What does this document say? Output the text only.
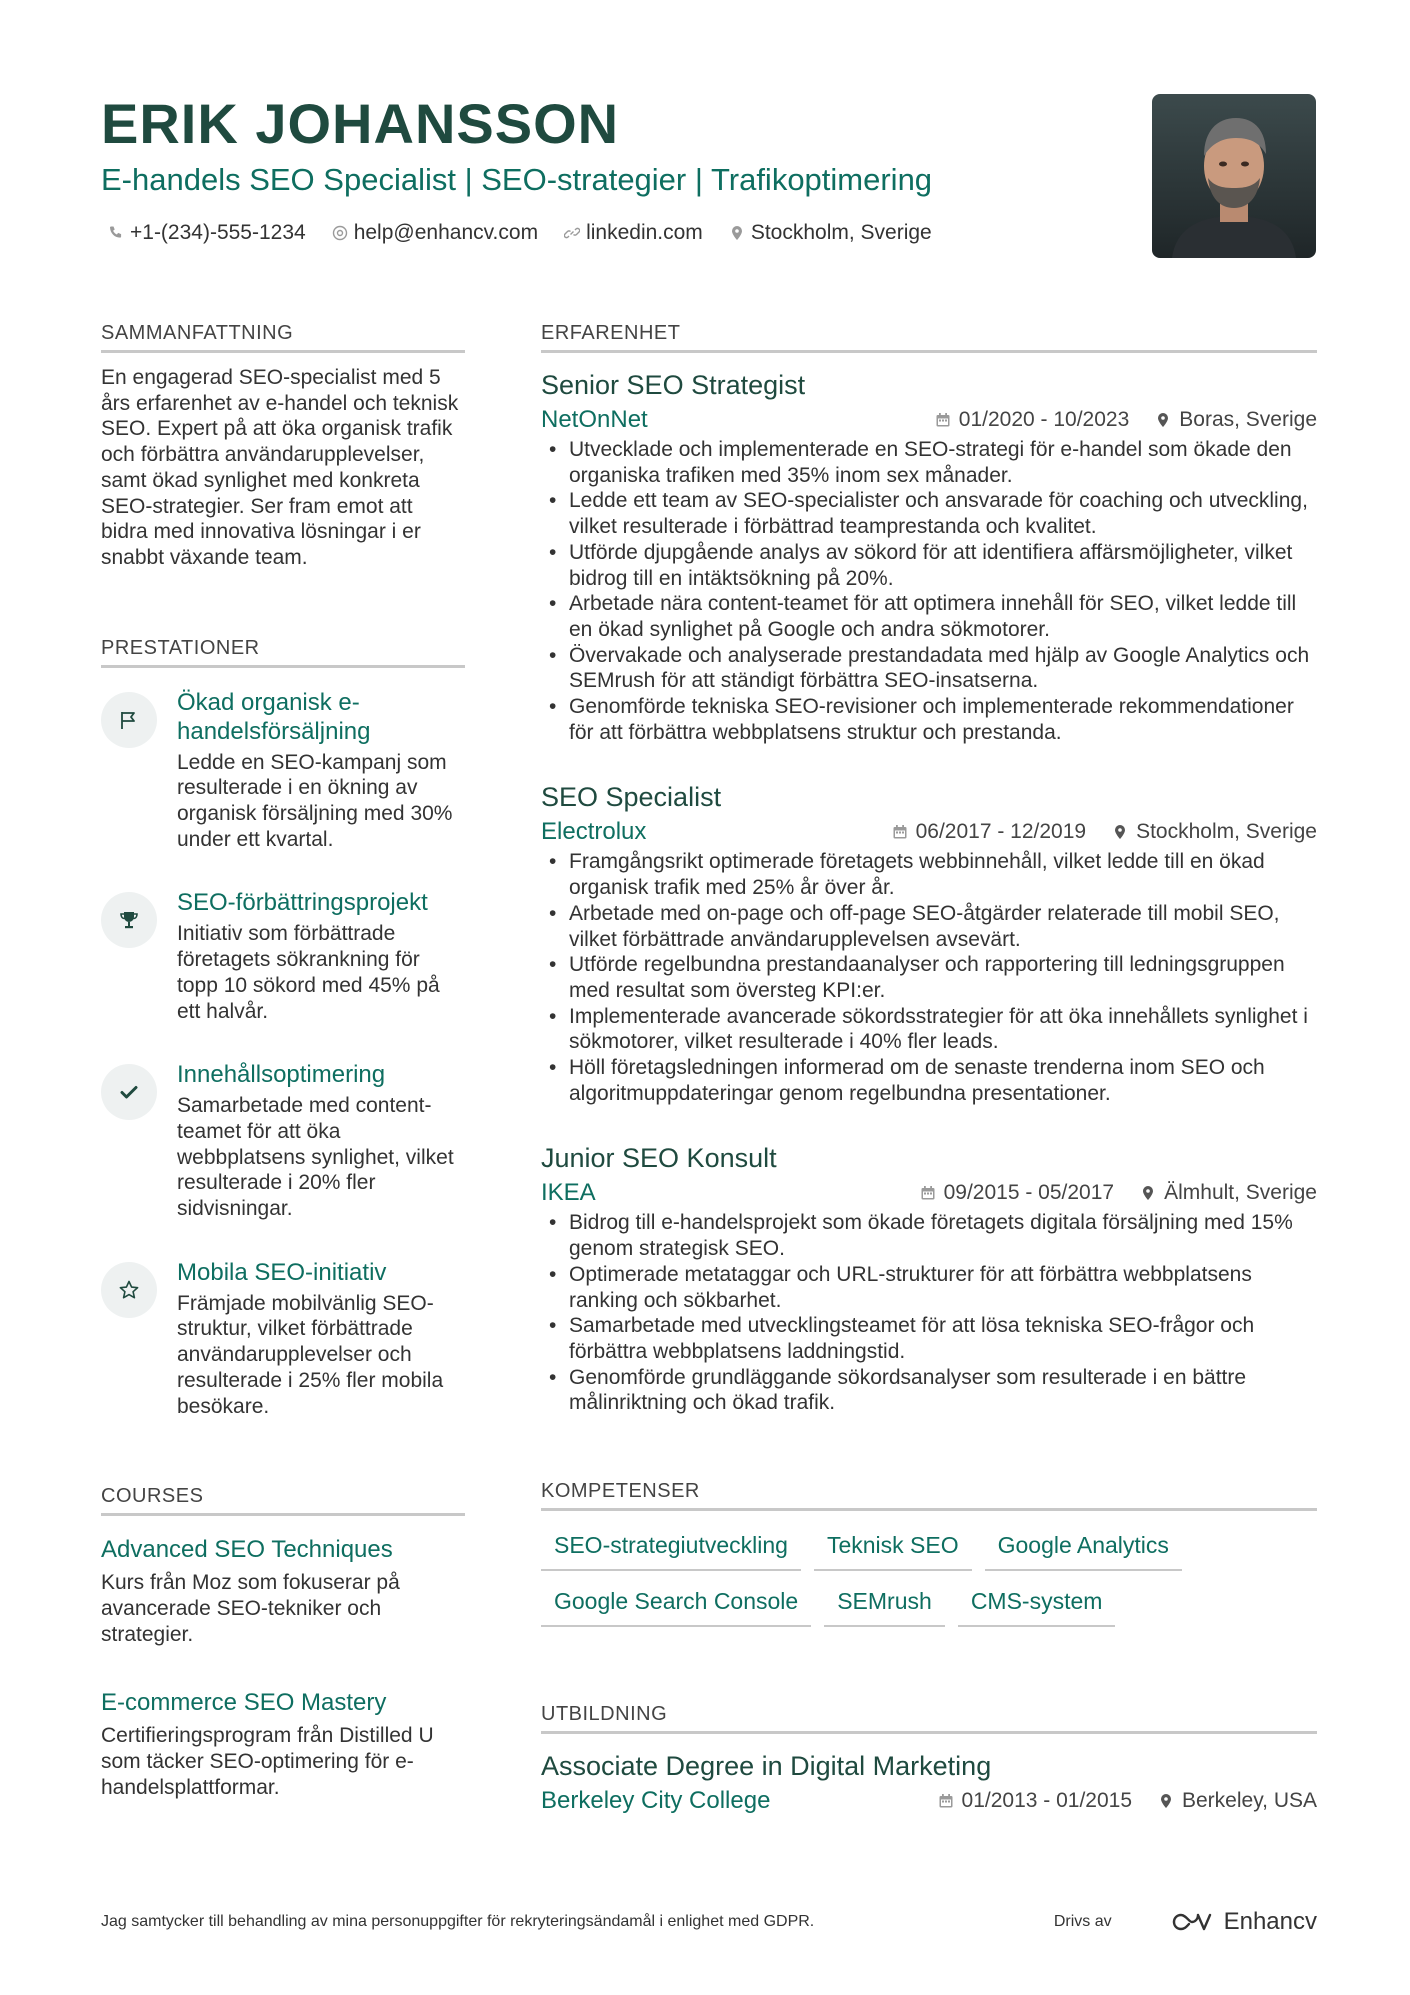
ERIK JOHANSSON
E-handels SEO Specialist | SEO-strategier | Trafikoptimering
+1-(234)-555-1234 help@enhancv.com linkedin.com Stockholm, Sverige
SAMMANFATTNING

En engagerad SEO-specialist med 5 års erfarenhet av e-handel och teknisk SEO. Expert på att öka organisk trafik och förbättra användarupplevelser, samt ökad synlighet med konkreta SEO-strategier. Ser fram emot att bidra med innovativa lösningar i er snabbt växande team.

PRESTATIONER
Ökad organisk e-handelsförsäljning
Ledde en SEO-kampanj som resulterade i en ökning av organisk försäljning med 30% under ett kvartal.
SEO-förbättringsprojekt
Initiativ som förbättrade företagets sökrankning för topp 10 sökord med 45% på ett halvår.
Innehållsoptimering
Samarbetade med content-teamet för att öka webbplatsens synlighet, vilket resulterade i 20% fler sidvisningar.
Mobila SEO-initiativ
Främjade mobilvänlig SEO-struktur, vilket förbättrade användarupplevelser och resulterade i 25% fler mobila besökare.
COURSES
Advanced SEO Techniques
Kurs från Moz som fokuserar på avancerade SEO-tekniker och strategier.
E-commerce SEO Mastery
Certifieringsprogram från Distilled U som täcker SEO-optimering för e-handelsplattformar.
ERFARENHET
Senior SEO Strategist
NetOnNet	01/2020 - 10/2023 Boras, Sverige
• Utvecklade och implementerade en SEO-strategi för e-handel som ökade den organiska trafiken med 35% inom sex månader.
• Ledde ett team av SEO-specialister och ansvarade för coaching och utveckling, vilket resulterade i förbättrad teamprestanda och kvalitet.
• Utförde djupgående analys av sökord för att identifiera affärsmöjligheter, vilket bidrog till en intäktsökning på 20%.
• Arbetade nära content-teamet för att optimera innehåll för SEO, vilket ledde till en ökad synlighet på Google och andra sökmotorer.
• Övervakade och analyserade prestandadata med hjälp av Google Analytics och SEMrush för att ständigt förbättra SEO-insatserna.
• Genomförde tekniska SEO-revisioner och implementerade rekommendationer för att förbättra webbplatsens struktur och prestanda.
SEO Specialist
Electrolux	06/2017 - 12/2019 Stockholm, Sverige
• Framgångsrikt optimerade företagets webbinnehåll, vilket ledde till en ökad organisk trafik med 25% år över år.
• Arbetade med on-page och off-page SEO-åtgärder relaterade till mobil SEO, vilket förbättrade användarupplevelsen avsevärt.
• Utförde regelbundna prestandaanalyser och rapportering till ledningsgruppen med resultat som översteg KPI:er.
• Implementerade avancerade sökordsstrategier för att öka innehållets synlighet i sökmotorer, vilket resulterade i 40% fler leads.
• Höll företagsledningen informerad om de senaste trenderna inom SEO och algoritmuppdateringar genom regelbundna presentationer.
Junior SEO Konsult
IKEA	09/2015 - 05/2017 Älmhult, Sverige
• Bidrog till e-handelsprojekt som ökade företagets digitala försäljning med 15% genom strategisk SEO.
• Optimerade metataggar och URL-strukturer för att förbättra webbplatsens ranking och sökbarhet.
• Samarbetade med utvecklingsteamet för att lösa tekniska SEO-frågor och förbättra webbplatsens laddningstid.
• Genomförde grundläggande sökordsanalyser som resulterade i en bättre målinriktning och ökad trafik.
KOMPETENSER
SEO-strategiutveckling	Teknisk SEO	Google Analytics
Google Search Console	SEMrush	CMS-system
UTBILDNING
Associate Degree in Digital Marketing
Berkeley City College	01/2013 - 01/2015 Berkeley, USA
Jag samtycker till behandling av mina personuppgifter för rekryteringsändamål i enlighet med GDPR.	Drivs av	Enhancv
